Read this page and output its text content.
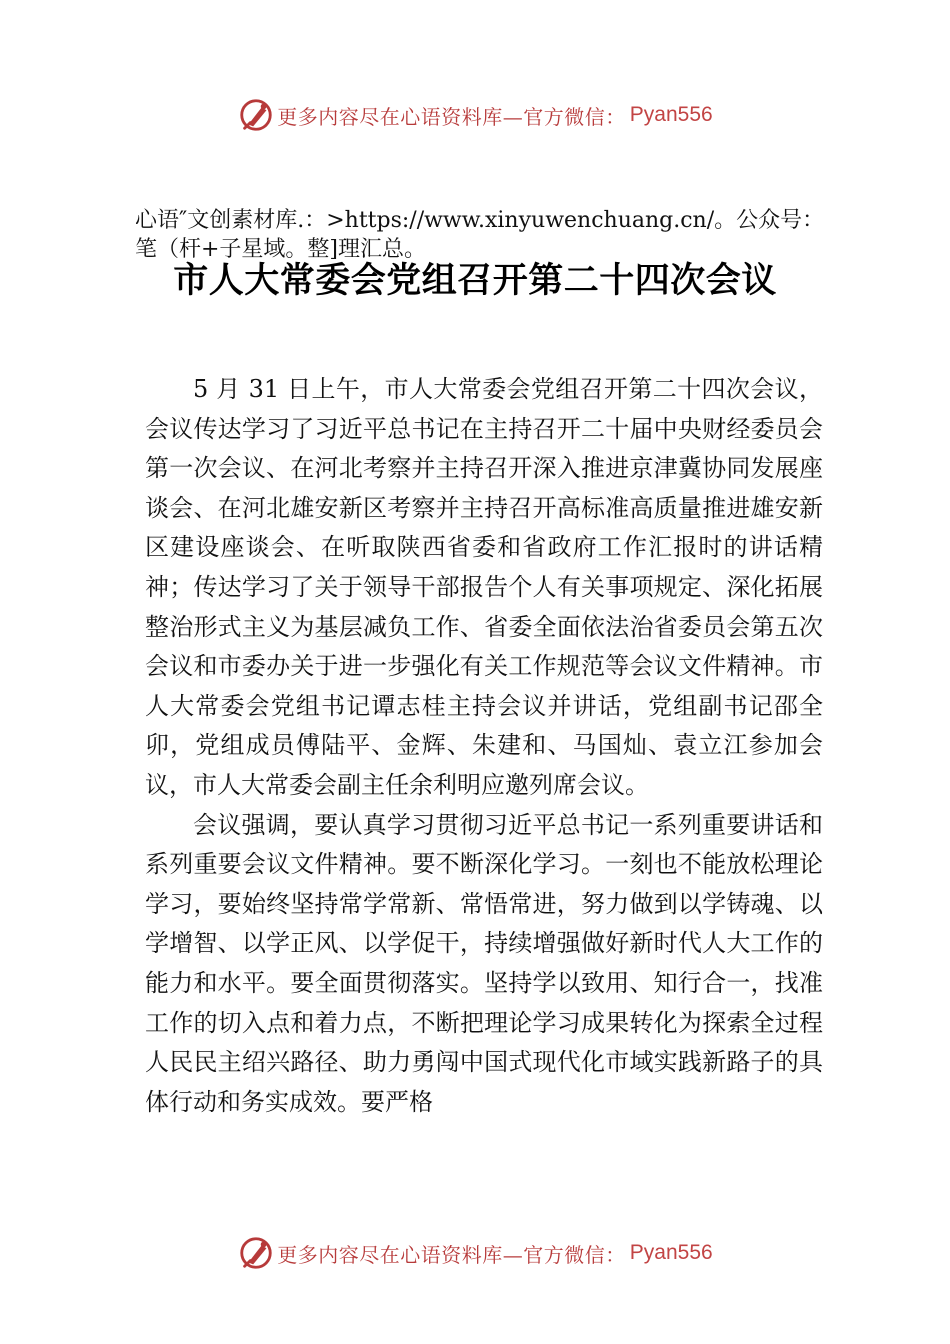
更多内容尽在心语资料库—官方微信： Pyan556
心语″文创素材库.：>https://www.xinyuwenchuang.cn/。公众号：笔（杆+子星域。整]理汇总。
市人大常委会党组召开第二十四次会议

5 月 31 日上午，市人大常委会党组召开第二十四次会议，会议传达学习了习近平总书记在主持召开二十届中央财经委员会第一次会议、在河北考察并主持召开深入推进京津冀协同发展座谈会、在河北雄安新区考察并主持召开高标准高质量推进雄安新区建设座谈会、在听取陕西省委和省政府工作汇报时的讲话精神；传达学习了关于领导干部报告个人有关事项规定、深化拓展整治形式主义为基层减负工作、省委全面依法治省委员会第五次会议和市委办关于进一步强化有关工作规范等会议文件精神。市人大常委会党组书记谭志桂主持会议并讲话，党组副书记邵全卯，党组成员傅陆平、金辉、朱建和、马国灿、袁立江参加会议，市人大常委会副主任余利明应邀列席会议。

会议强调，要认真学习贯彻习近平总书记一系列重要讲话和系列重要会议文件精神。要不断深化学习。一刻也不能放松理论学习，要始终坚持常学常新、常悟常进，努力做到以学铸魂、以学增智、以学正风、以学促干，持续增强做好新时代人大工作的能力和水平。要全面贯彻落实。坚持学以致用、知行合一，找准工作的切入点和着力点，不断把理论学习成果转化为探索全过程人民民主绍兴路径、助力勇闯中国式现代化市域实践新路子的具体行动和务实成效。要严格

更多内容尽在心语资料库—官方微信： Pyan556
